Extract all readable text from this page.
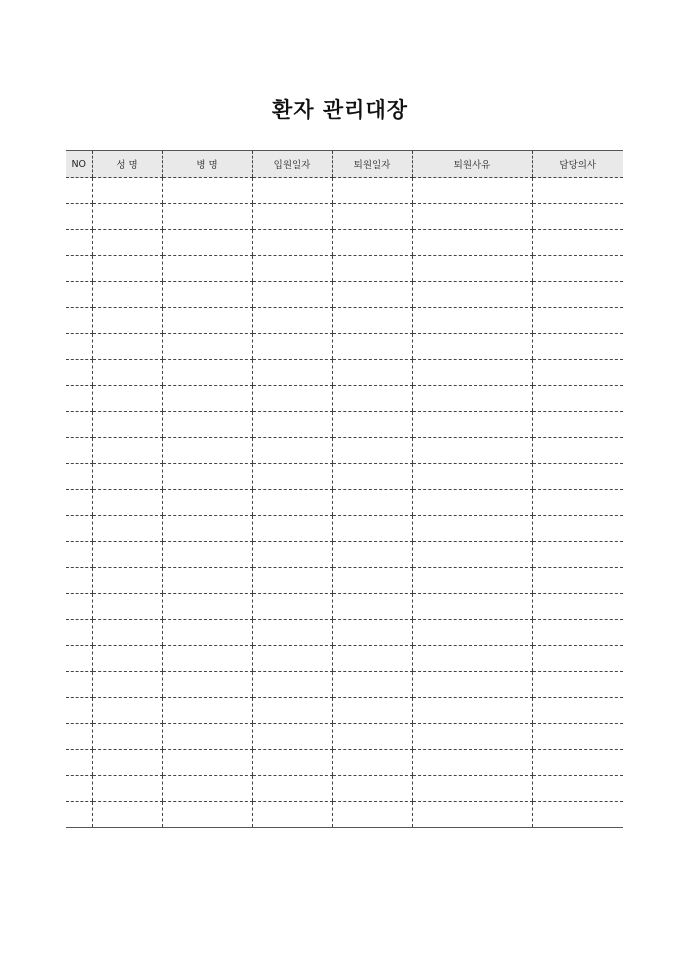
환자 관리대장
NO	성 명	병 명	입원일자	퇴원일자	퇴원사유	담당의사
